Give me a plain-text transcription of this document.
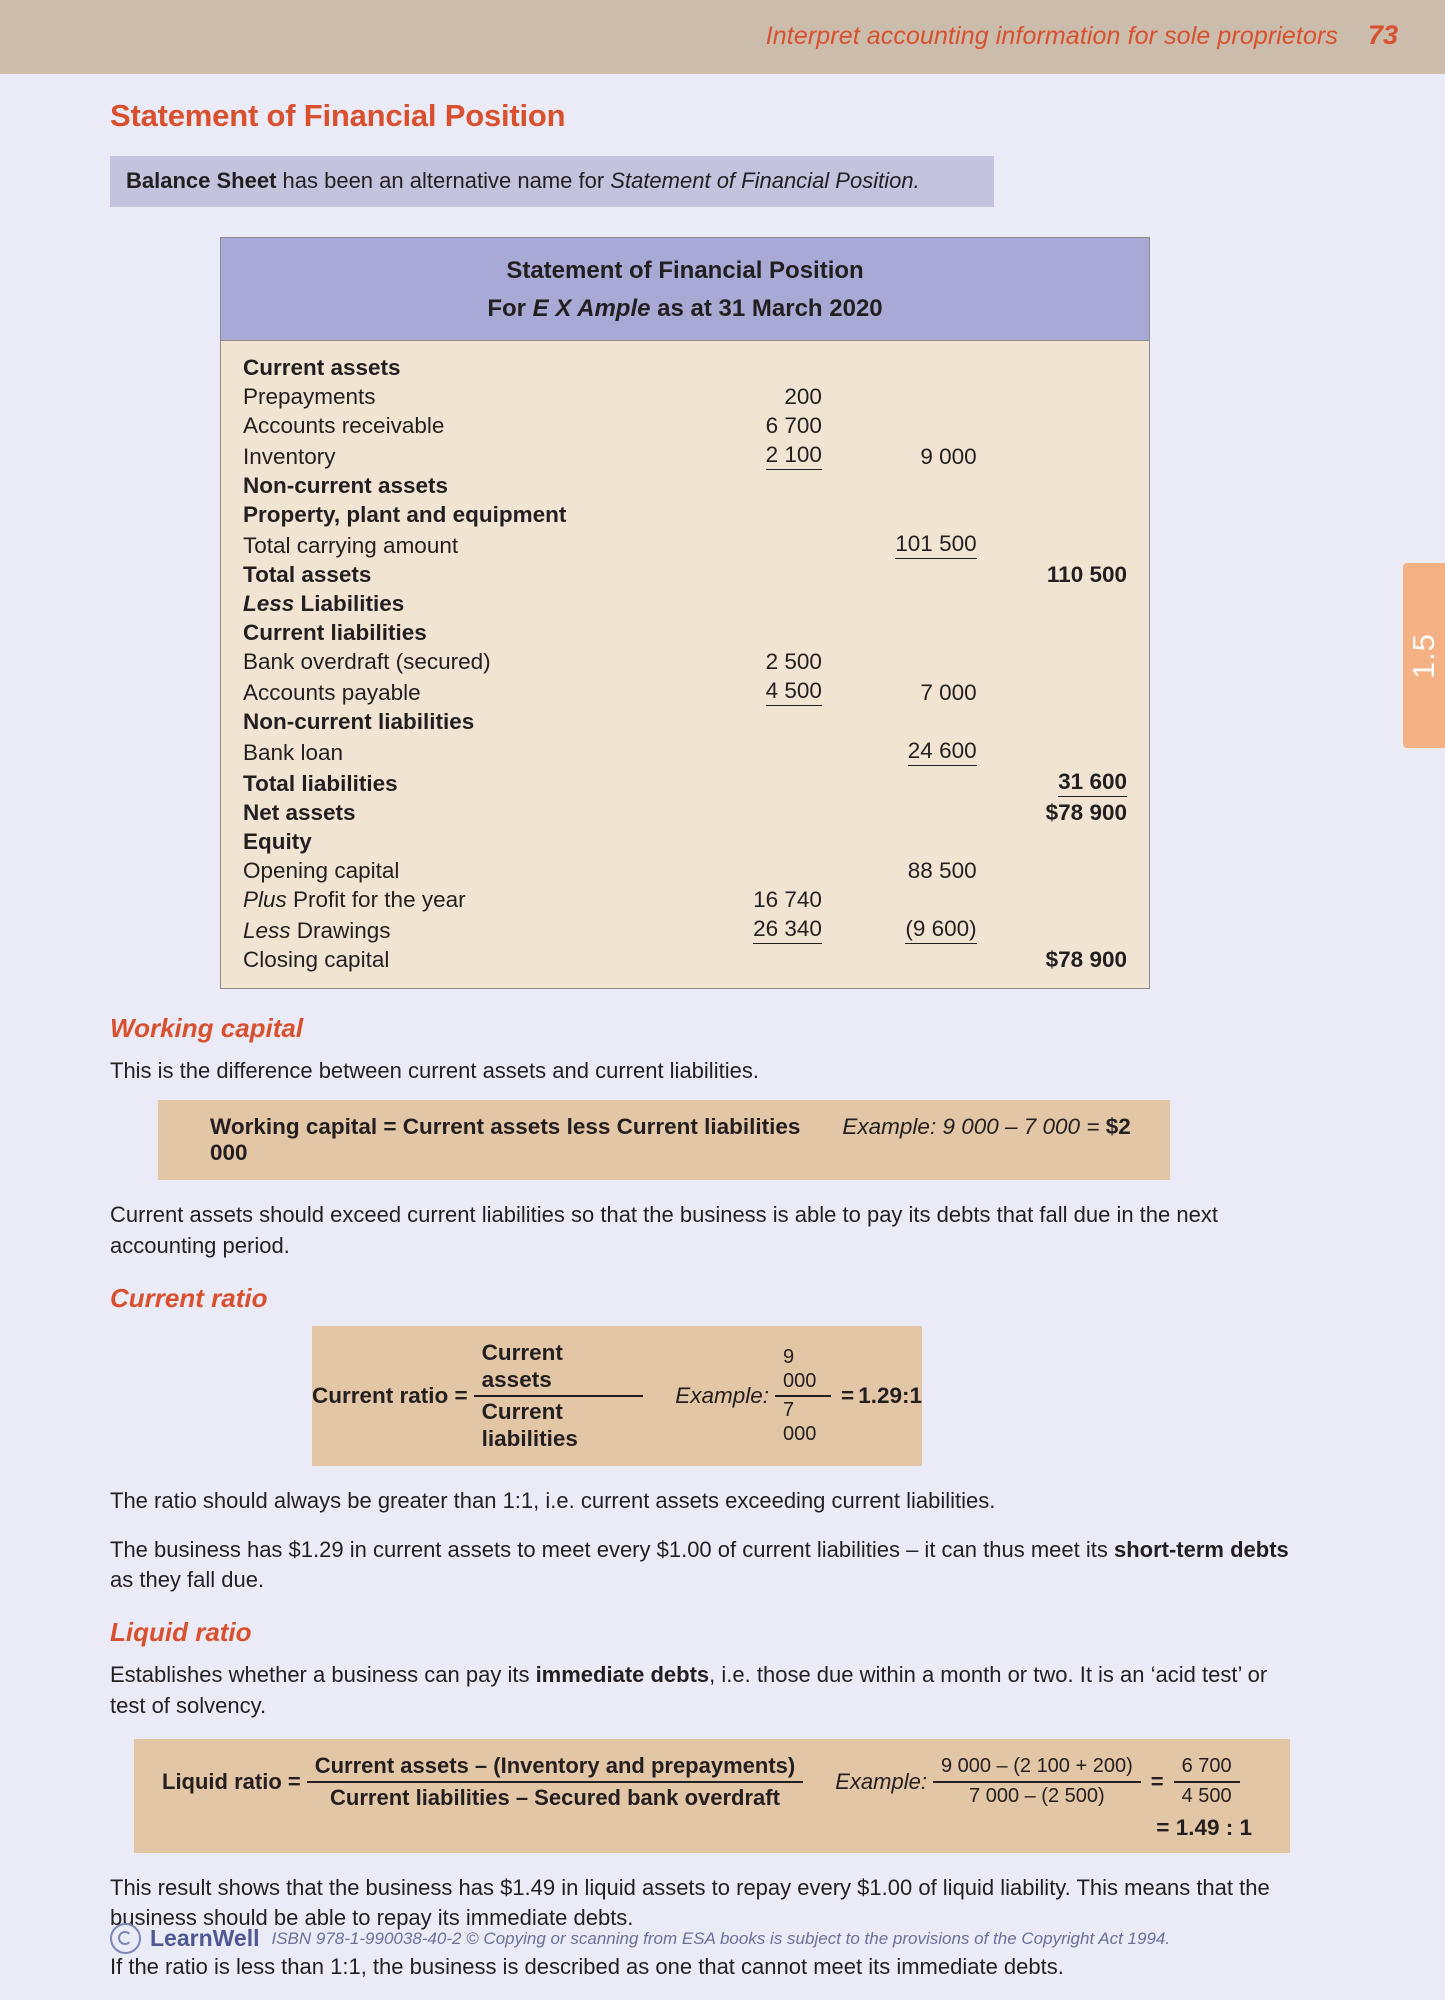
Interpret accounting information for sole proprietors 73
1.5
Statement of Financial Position
Balance Sheet has been an alternative name for Statement of Financial Position.
Statement of Financial Position
For E X Ample as at 31 March 2020
Current assets			
Prepayments	200		
Accounts receivable	6 700		
Inventory	2 100	9 000	
Non-current assets			
Property, plant and equipment			
Total carrying amount		101 500	
Total assets			110 500
Less Liabilities			
Current liabilities			
Bank overdraft (secured)	2 500		
Accounts payable	4 500	7 000	
Non-current liabilities			
Bank loan		24 600	
Total liabilities			31 600
Net assets			$78 900
Equity			
Opening capital		88 500	
Plus Profit for the year	16 740		
Less Drawings	26 340	(9 600)	
Closing capital			$78 900
Working capital

This is the difference between current assets and current liabilities.

Working capital = Current assets less Current liabilities Example: 9 000 – 7 000 = $2 000

Current assets should exceed current liabilities so that the business is able to pay its debts that fall due in the next accounting period.

Current ratio
Current ratio = $\frac{\text{Current assets}}{\text{Current liabilities}}$ Example: $\frac{9 000}{7 000}$ = 1.29:1

The ratio should always be greater than 1:1, i.e. current assets exceeding current liabilities.

The business has $1.29 in current assets to meet every $1.00 of current liabilities – it can thus meet its short-term debts as they fall due.

Liquid ratio

Establishes whether a business can pay its immediate debts, i.e. those due within a month or two. It is an ‘acid test’ or test of solvency.

Liquid ratio = $\frac{\text{Current assets – (Inventory and prepayments)}}{\text{Current liabilities – Secured bank overdraft}}$ Example: $\frac{9 000 - (2 100 + 200)}{7 000 - (2 500)} = \frac{6 700}{4 500}$
= 1.49 : 1

This result shows that the business has $1.49 in liquid assets to repay every $1.00 of liquid liability. This means that the business should be able to repay its immediate debts.

If the ratio is less than 1:1, the business is described as one that cannot meet its immediate debts.

LearnWell ISBN 978-1-990038-40-2 © Copying or scanning from ESA books is subject to the provisions of the Copyright Act 1994.
